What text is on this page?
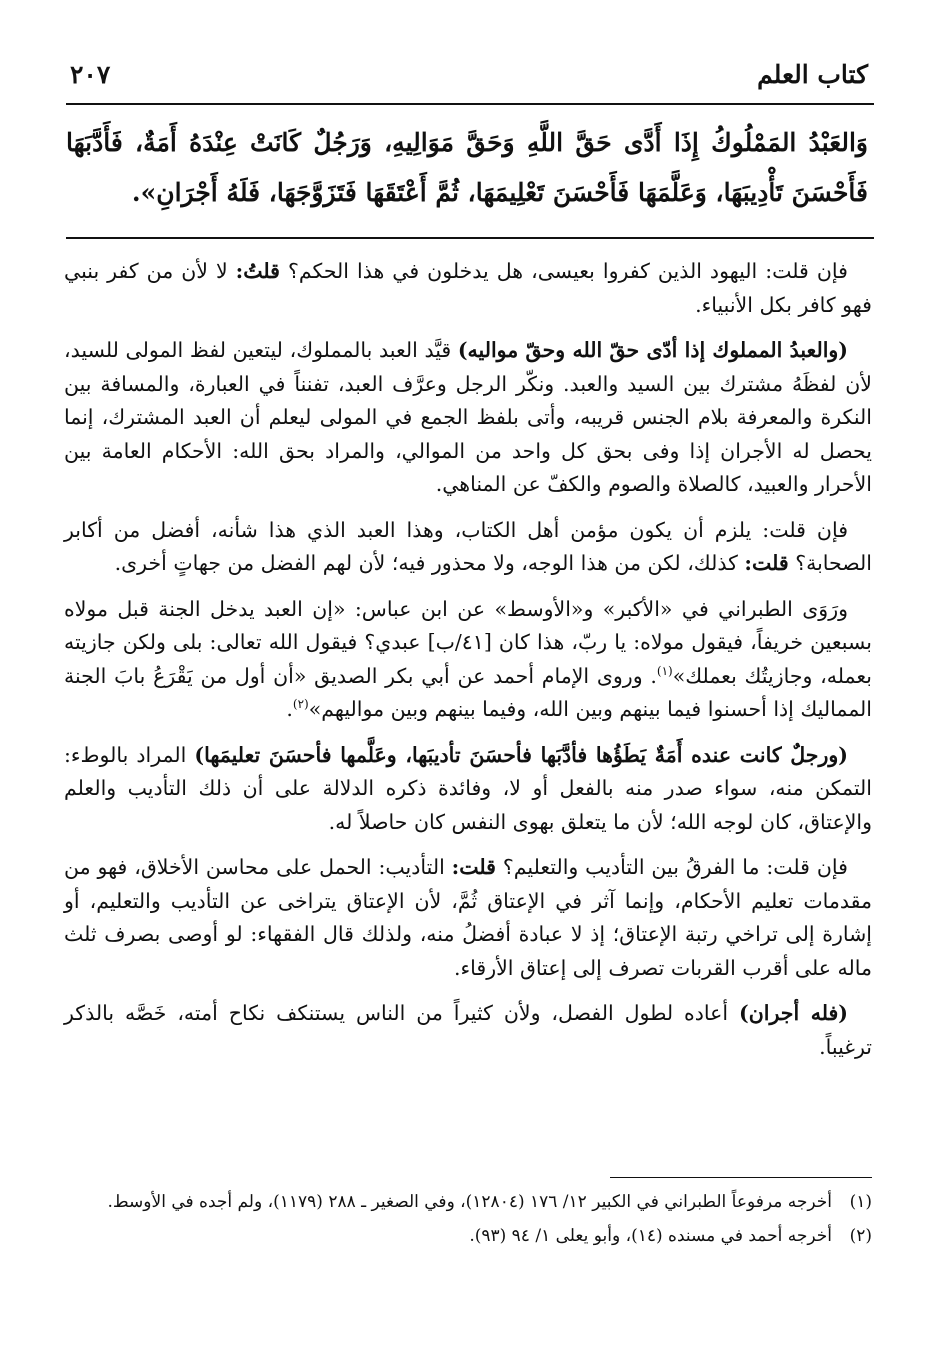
كتاب العلم
٢٠٧
وَالعَبْدُ المَمْلُوكُ إِذَا أَدَّى حَقَّ اللَّهِ وَحَقَّ مَوَالِيهِ، وَرَجُلٌ كَانَتْ عِنْدَهُ أَمَةٌ، فَأَدَّبَهَا فَأَحْسَنَ تَأْدِيبَهَا، وَعَلَّمَهَا فَأَحْسَنَ تَعْلِيمَهَا، ثُمَّ أَعْتَقَهَا فَتَزَوَّجَهَا، فَلَهُ أَجْرَانِ».

فإن قلت: اليهود الذين كفروا بعيسى، هل يدخلون في هذا الحكم؟ قلتُ: لا لأن من كفر بنبي فهو كافر بكل الأنبياء.

(والعبدُ المملوك إذا أدّى حقّ الله وحقّ مواليه) قيَّد العبد بالمملوك، ليتعين لفظ المولى للسيد، لأن لفظَهُ مشترك بين السيد والعبد. ونكّر الرجل وعرَّف العبد، تفنناً في العبارة، والمسافة بين النكرة والمعرفة بلام الجنس قريبه، وأتى بلفظ الجمع في المولى ليعلم أن العبد المشترك، إنما يحصل له الأجران إذا وفى بحق كل واحد من الموالي، والمراد بحق الله: الأحكام العامة بين الأحرار والعبيد، كالصلاة والصوم والكفّ عن المناهي.

فإن قلت: يلزم أن يكون مؤمن أهل الكتاب، وهذا العبد الذي هذا شأنه، أفضل من أكابر الصحابة؟ قلت: كذلك، لكن من هذا الوجه، ولا محذور فيه؛ لأن لهم الفضل من جهاتٍ أخرى.

ورَوَى الطبراني في «الأكبر» و«الأوسط» عن ابن عباس: «إن العبد يدخل الجنة قبل مولاه بسبعين خريفاً، فيقول مولاه: يا ربّ، هذا كان [٤١/ب] عبدي؟ فيقول الله تعالى: بلى ولكن جازيته بعمله، وجازيتُك بعملك»$^{(١)}$. وروى الإمام أحمد عن أبي بكر الصديق «أن أول من يَقْرَعُ بابَ الجنة المماليك إذا أحسنوا فيما بينهم وبين الله، وفيما بينهم وبين مواليهم»$^{(٢)}$.

(ورجلٌ كانت عنده أَمَةٌ يَطَؤُها فأدَّبَها فأحسَنَ تأديبَها، وعَلَّمها فأحسَنَ تعليمَها) المراد بالوطء: التمكن منه، سواء صدر منه بالفعل أو لا، وفائدة ذكره الدلالة على أن ذلك التأديب والعلم والإعتاق، كان لوجه الله؛ لأن ما يتعلق بهوى النفس كان حاصلاً له.

فإن قلت: ما الفرقُ بين التأديب والتعليم؟ قلت: التأديب: الحمل على محاسن الأخلاق، فهو من مقدمات تعليم الأحكام، وإنما آثر في الإعتاق ثُمَّ، لأن الإعتاق يتراخى عن التأديب والتعليم، أو إشارة إلى تراخي رتبة الإعتاق؛ إذ لا عبادة أفضلُ منه، ولذلك قال الفقهاء: لو أوصى بصرف ثلث ماله على أقرب القربات تصرف إلى إعتاق الأرقاء.

(فله أجران) أعاده لطول الفصل، ولأن كثيراً من الناس يستنكف نكاح أمته، خَصَّه بالذكر ترغيباً.

(١)
أخرجه مرفوعاً الطبراني في الكبير ١٢/ ١٧٦ (١٢٨٠٤)، وفي الصغير ـ ٢٨٨ (١١٧٩)، ولم أجده في الأوسط.
(٢)
أخرجه أحمد في مسنده (١٤)، وأبو يعلى ١/ ٩٤ (٩٣).
